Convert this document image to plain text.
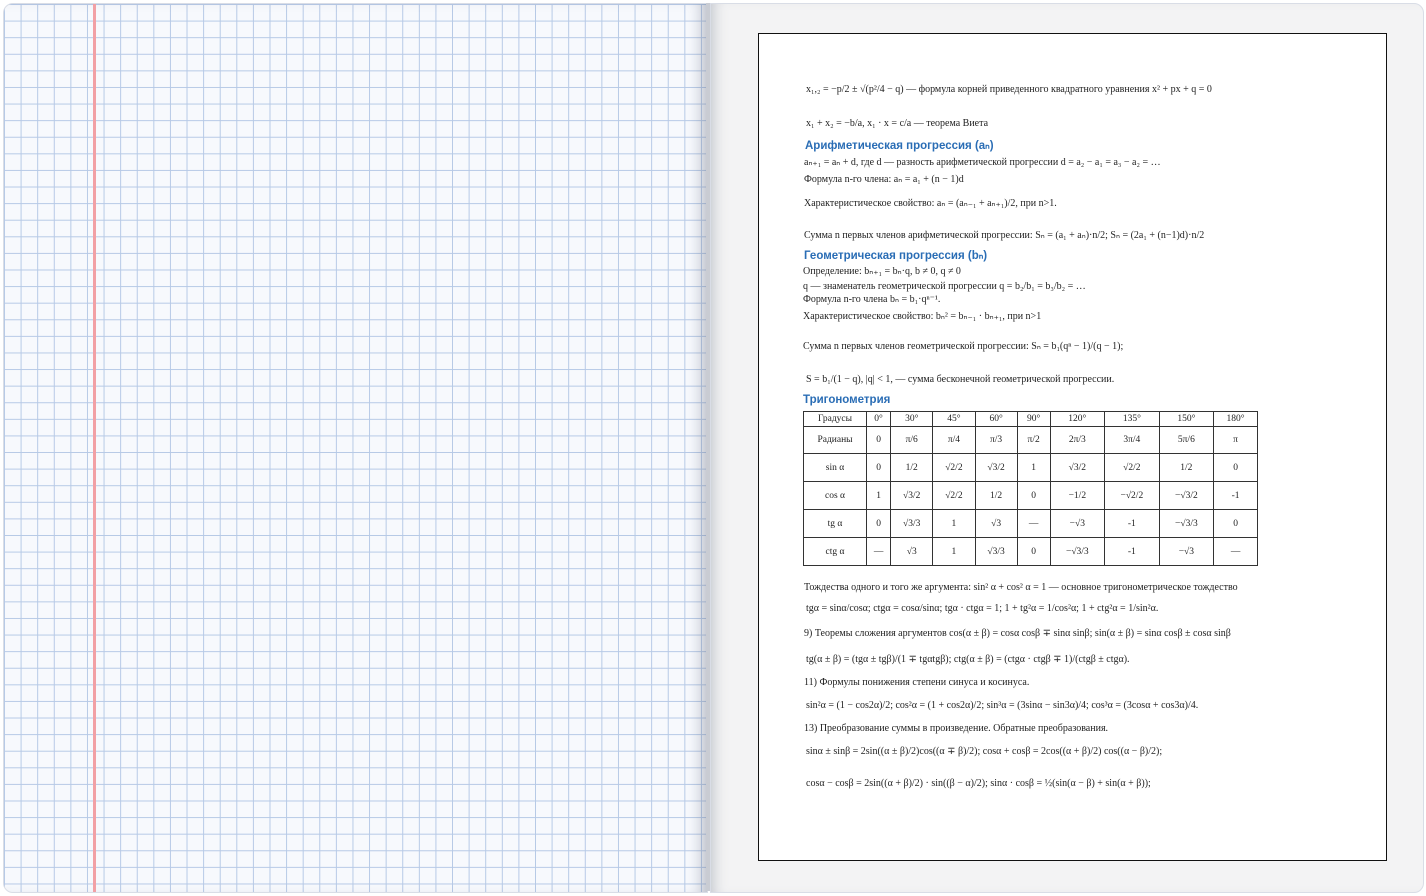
x₁,₂ = −p/2 ± √(p²/4 − q) — формула корней приведенного квадратного уравнения x² + px + q = 0
x₁ + x₂ = −b/a, x₁ · x = c/a — теорема Виета
Арифметическая прогрессия (aₙ)
aₙ₊₁ = aₙ + d, где d — разность арифметической прогрессии d = a₂ − a₁ = a₃ − a₂ = …
Формула n-го члена: aₙ = a₁ + (n − 1)d
Характеристическое свойство: aₙ = (aₙ₋₁ + aₙ₊₁)/2, при n>1.
Сумма n первых членов арифметической прогрессии: Sₙ = (a₁ + aₙ)·n/2; Sₙ = (2a₁ + (n−1)d)·n/2
Геометрическая прогрессия (bₙ)
Определение: bₙ₊₁ = bₙ·q, b ≠ 0, q ≠ 0
q — знаменатель геометрической прогрессии q = b₂/b₁ = b₃/b₂ = …
Формула n-го члена bₙ = b₁·qⁿ⁻¹.
Характеристическое свойство: bₙ² = bₙ₋₁ · bₙ₊₁, при n>1
Сумма n первых членов геометрической прогрессии: Sₙ = b₁(qⁿ − 1)/(q − 1);
S = b₁/(1 − q), |q| < 1, — сумма бесконечной геометрической прогрессии.
Тригонометрия
Градусы	0°	30°	45°	60°	90°	120°	135°	150°	180°
Радианы	0	π/6	π/4	π/3	π/2	2π/3	3π/4	5π/6	π
sin α	0	1/2	√2/2	√3/2	1	√3/2	√2/2	1/2	0
cos α	1	√3/2	√2/2	1/2	0	−1/2	−√2/2	−√3/2	-1
tg α	0	√3/3	1	√3	—	−√3	-1	−√3/3	0
ctg α	—	√3	1	√3/3	0	−√3/3	-1	−√3	—
Тождества одного и того же аргумента: sin² α + cos² α = 1 — основное тригонометрическое тождество
tgα = sinα/cosα; ctgα = cosα/sinα; tgα · ctgα = 1; 1 + tg²α = 1/cos²α; 1 + ctg²α = 1/sin²α.
9) Теоремы сложения аргументов cos(α ± β) = cosα cosβ ∓ sinα sinβ; sin(α ± β) = sinα cosβ ± cosα sinβ
tg(α ± β) = (tgα ± tgβ)/(1 ∓ tgαtgβ); ctg(α ± β) = (ctgα · ctgβ ∓ 1)/(ctgβ ± ctgα).
11) Формулы понижения степени синуса и косинуса.
sin²α = (1 − cos2α)/2; cos²α = (1 + cos2α)/2; sin³α = (3sinα − sin3α)/4; cos³α = (3cosα + cos3α)/4.
13) Преобразование суммы в произведение. Обратные преобразования.
sinα ± sinβ = 2sin((α ± β)/2)cos((α ∓ β)/2); cosα + cosβ = 2cos((α + β)/2) cos((α − β)/2);
cosα − cosβ = 2sin((α + β)/2) · sin((β − α)/2); sinα · cosβ = ½(sin(α − β) + sin(α + β));
